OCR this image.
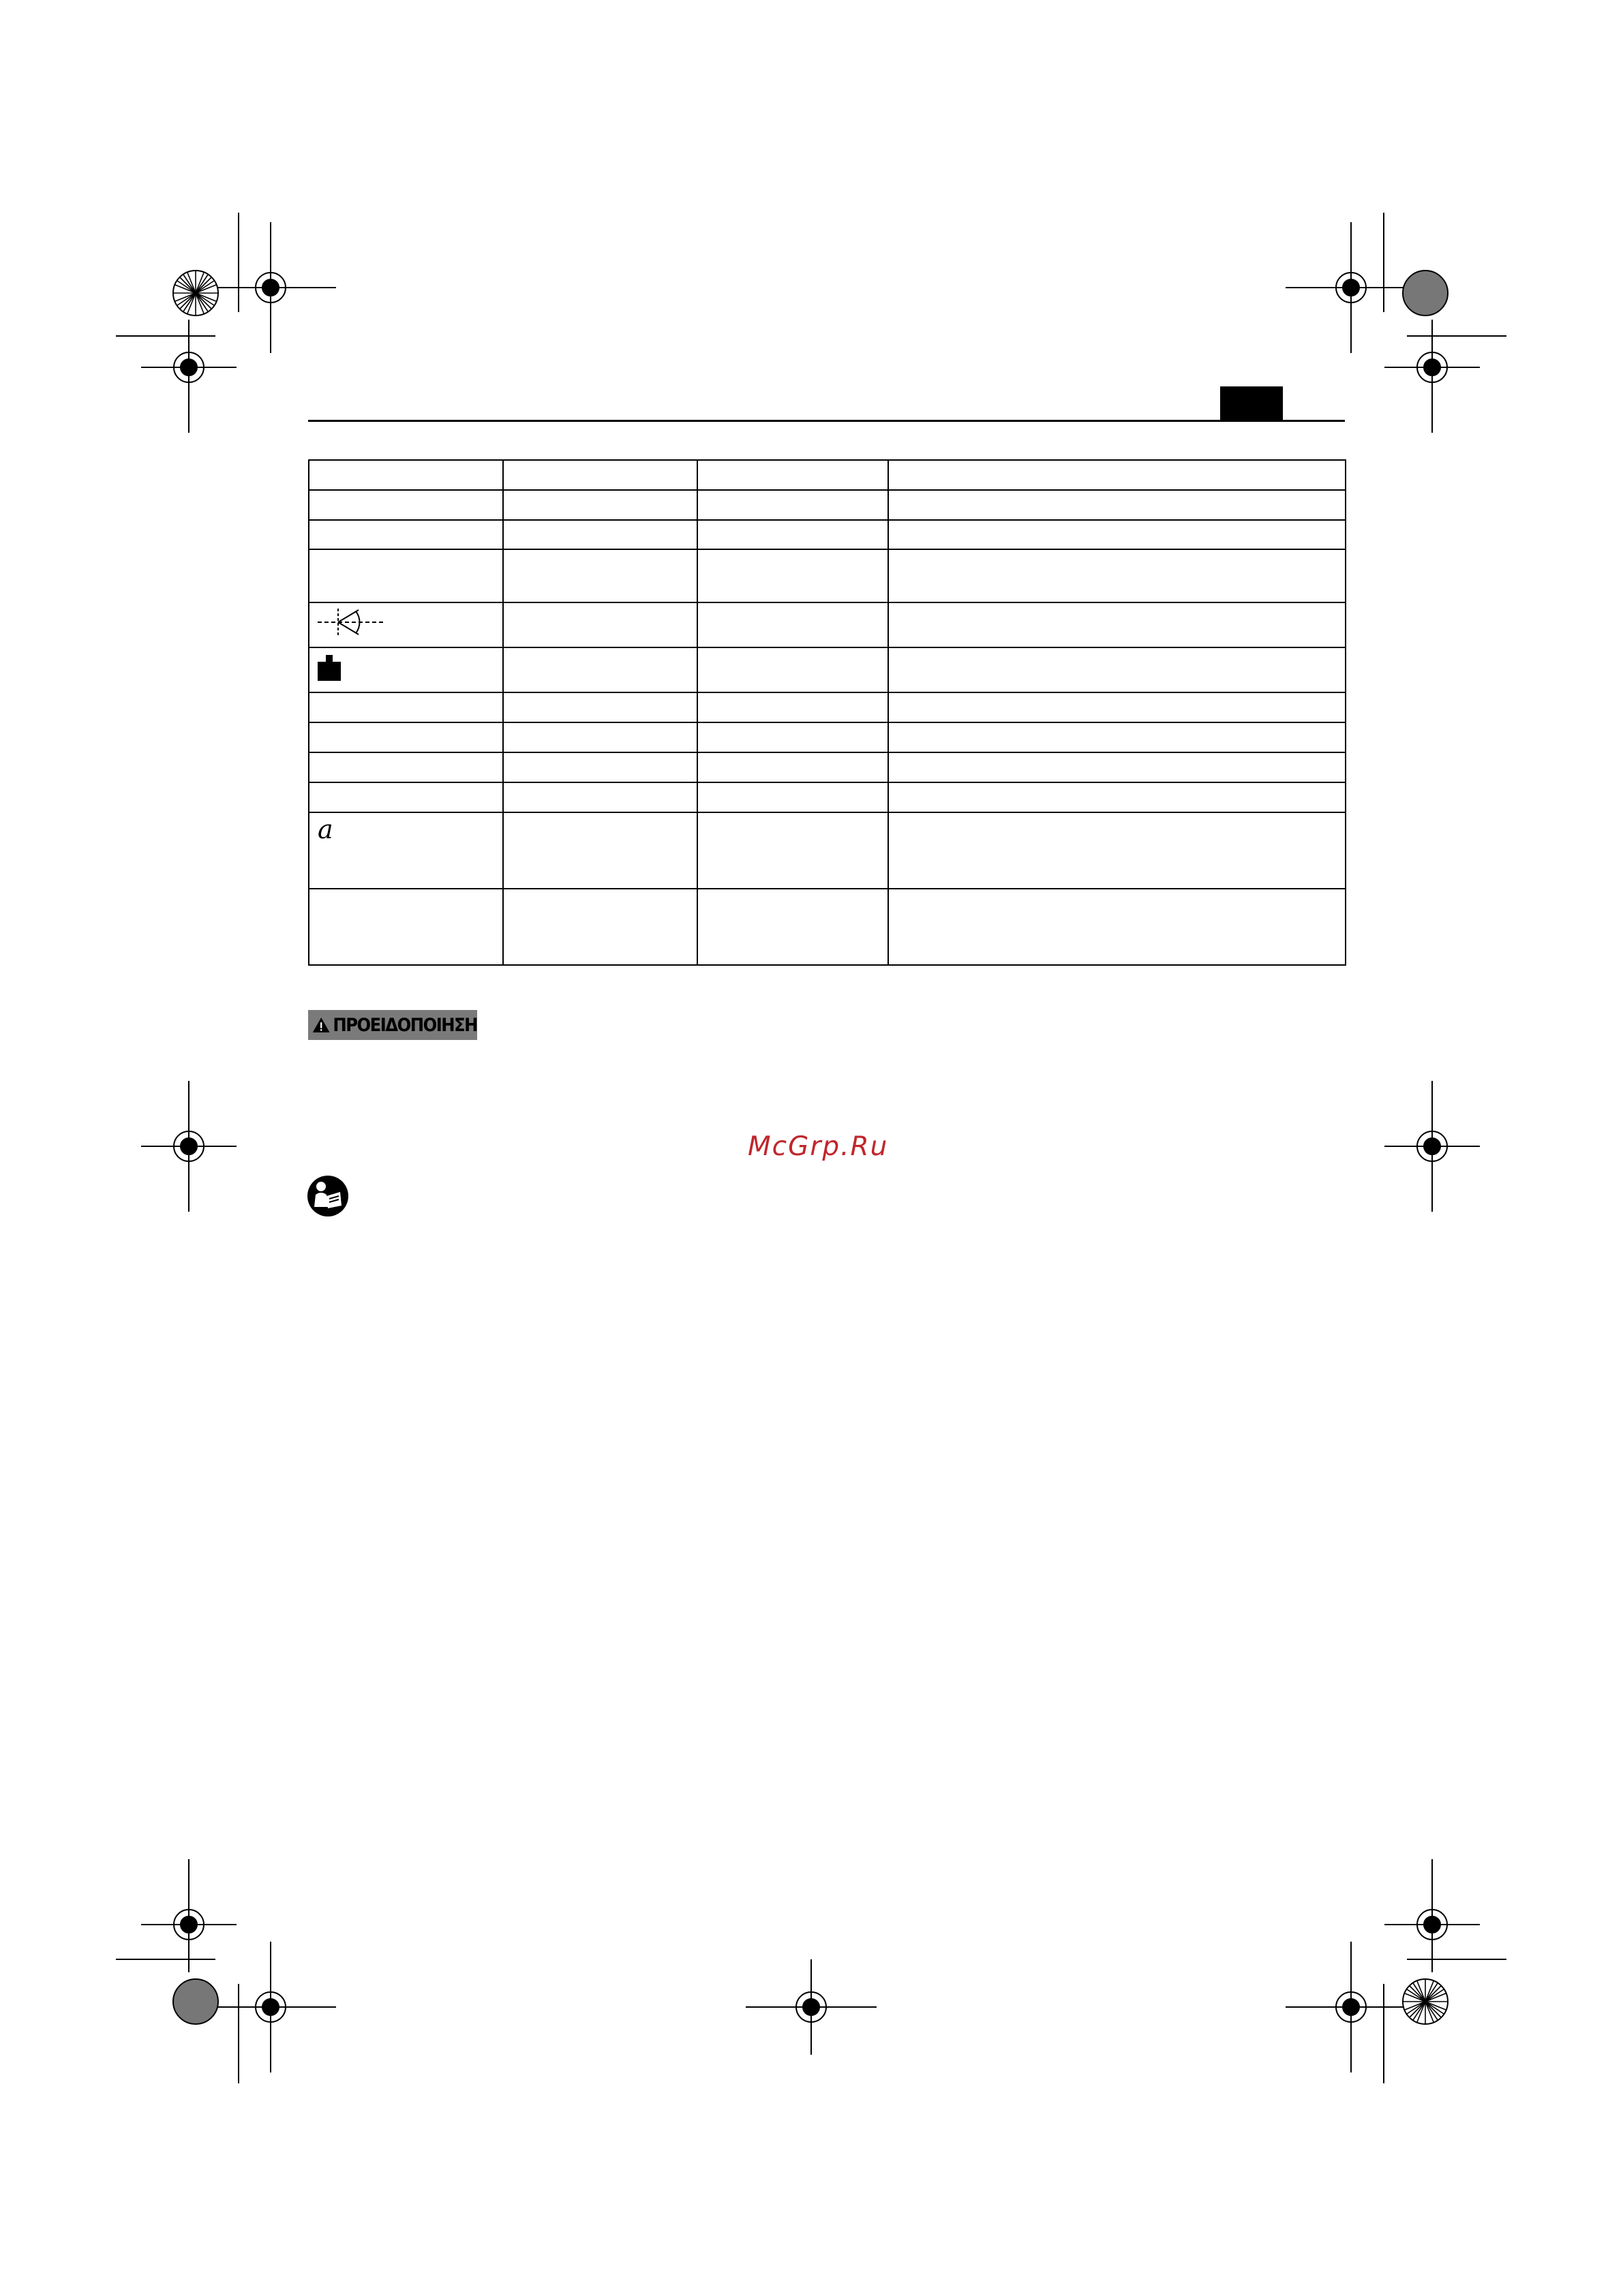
a			

ΠΡΟΕΙΔΟΠΟΙΗΣΗ
McGrp.Ru
